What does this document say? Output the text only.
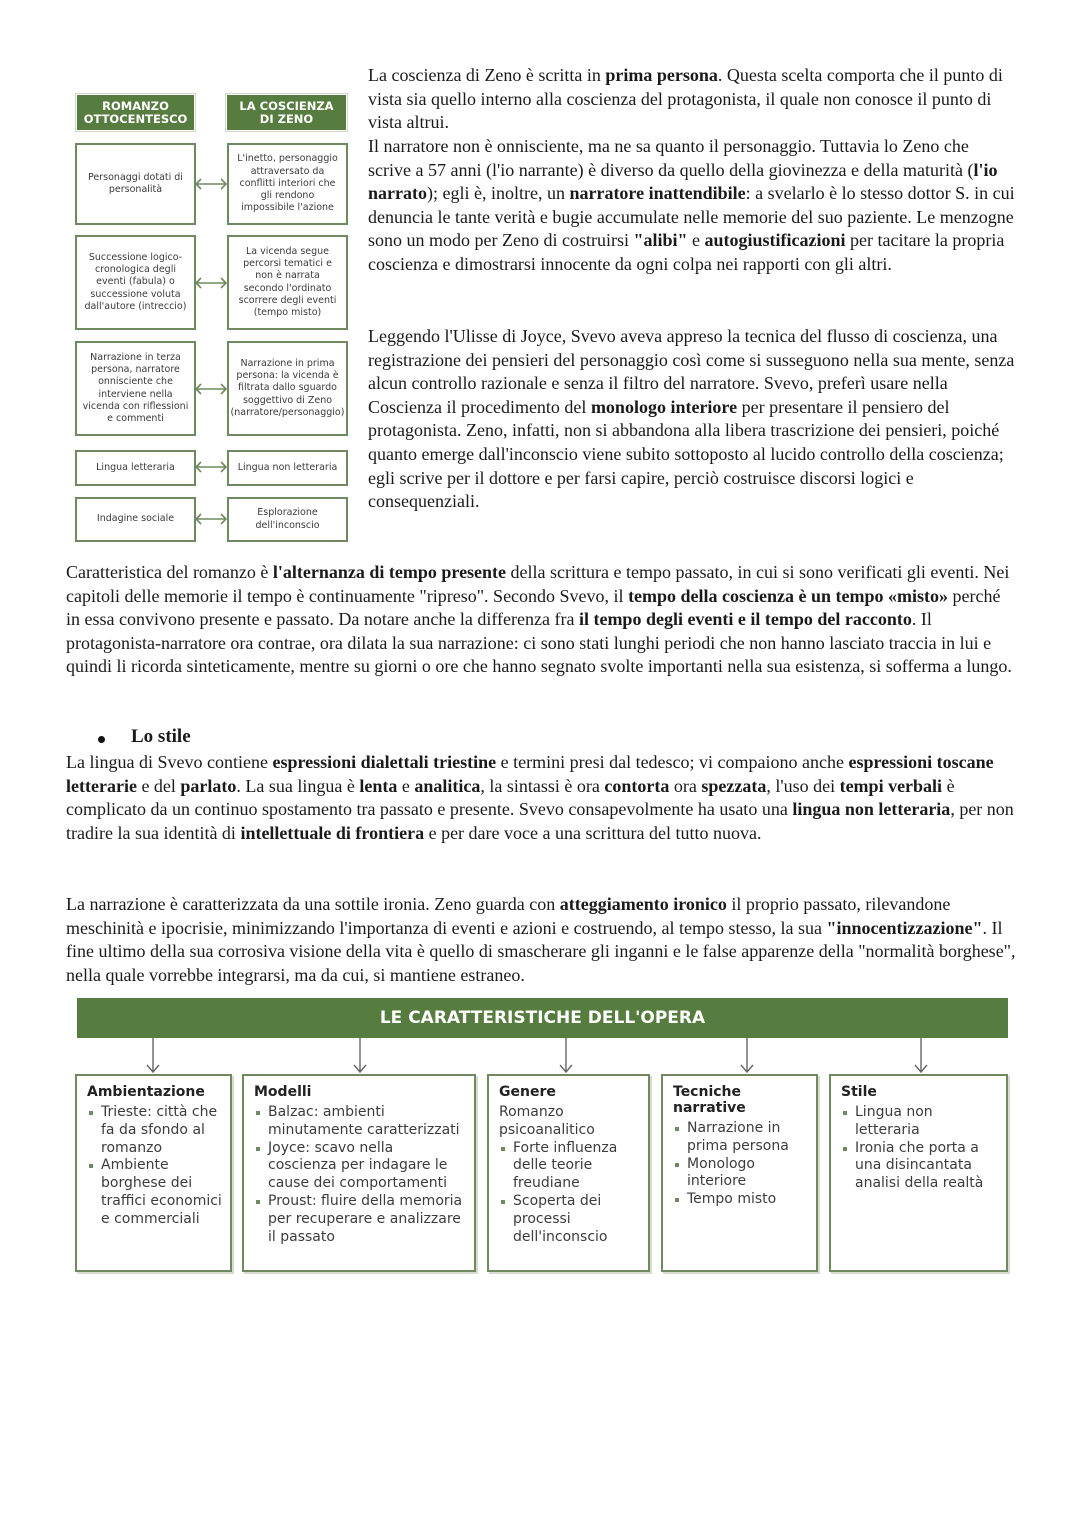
ROMANZO
OTTOCENTESCO
LA COSCIENZA
DI ZENO
Personaggi dotati di personalità
L'inetto, personaggio attraversato da conflitti interiori che gli rendono impossibile l'azione
Successione logico-cronologica degli eventi (fabula) o successione voluta dall'autore (intreccio)
La vicenda segue percorsi tematici e non è narrata secondo l'ordinato scorrere degli eventi (tempo misto)
Narrazione in terza persona, narratore onnisciente che interviene nella vicenda con riflessioni e commenti
Narrazione in prima persona: la vicenda è filtrata dallo sguardo soggettivo di Zeno (narratore/personaggio)
Lingua letteraria	Lingua non letteraria
Indagine sociale
Esplorazione dell'inconscio

La coscienza di Zeno è scritta in prima persona. Questa scelta comporta che il punto di vista sia quello interno alla coscienza del protagonista, il quale non conosce il punto di vista altrui.

Il narratore non è onnisciente, ma ne sa quanto il personaggio. Tuttavia lo Zeno che scrive a 57 anni (l'io narrante) è diverso da quello della giovinezza e della maturità (l'io narrato); egli è, inoltre, un narratore inattendibile: a svelarlo è lo stesso dottor S. in cui denuncia le tante verità e bugie accumulate nelle memorie del suo paziente. Le menzogne sono un modo per Zeno di costruirsi "alibi" e autogiustificazioni per tacitare la propria coscienza e dimostrarsi innocente da ogni colpa nei rapporti con gli altri.

Leggendo l'Ulisse di Joyce, Svevo aveva appreso la tecnica del flusso di coscienza, una registrazione dei pensieri del personaggio così come si susseguono nella sua mente, senza alcun controllo razionale e senza il filtro del narratore. Svevo, preferì usare nella Coscienza il procedimento del monologo interiore per presentare il pensiero del protagonista. Zeno, infatti, non si abbandona alla libera trascrizione dei pensieri, poiché quanto emerge dall'inconscio viene subito sottoposto al lucido controllo della coscienza; egli scrive per il dottore e per farsi capire, perciò costruisce discorsi logici e consequenziali.

Caratteristica del romanzo è l'alternanza di tempo presente della scrittura e tempo passato, in cui si sono verificati gli eventi. Nei capitoli delle memorie il tempo è continuamente "ripreso". Secondo Svevo, il tempo della coscienza è un tempo «misto» perché in essa convivono presente e passato. Da notare anche la differenza fra il tempo degli eventi e il tempo del racconto. Il protagonista-narratore ora contrae, ora dilata la sua narrazione: ci sono stati lunghi periodi che non hanno lasciato traccia in lui e quindi li ricorda sinteticamente, mentre su giorni o ore che hanno segnato svolte importanti nella sua esistenza, si sofferma a lungo.

Lo stile

La lingua di Svevo contiene espressioni dialettali triestine e termini presi dal tedesco; vi compaiono anche espressioni toscane letterarie e del parlato. La sua lingua è lenta e analitica, la sintassi è ora contorta ora spezzata, l'uso dei tempi verbali è complicato da un continuo spostamento tra passato e presente. Svevo consapevolmente ha usato una lingua non letteraria, per non tradire la sua identità di intellettuale di frontiera e per dare voce a una scrittura del tutto nuova.

La narrazione è caratterizzata da una sottile ironia. Zeno guarda con atteggiamento ironico il proprio passato, rilevandone meschinità e ipocrisie, minimizzando l'importanza di eventi e azioni e costruendo, al tempo stesso, la sua "innocentizzazione". Il fine ultimo della sua corrosiva visione della vita è quello di smascherare gli inganni e le false apparenze della "normalità borghese", nella quale vorrebbe integrarsi, ma da cui, si mantiene estraneo.

LE CARATTERISTICHE DELL'OPERA
Ambientazione
Trieste: città che fa da sfondo al romanzo
Ambiente borghese dei traffici economici e commerciali
Modelli
Balzac: ambienti minutamente caratterizzati
Joyce: scavo nella coscienza per indagare le cause dei comportamenti
Proust: fluire della memoria per recuperare e analizzare il passato
Genere
Romanzo psicoanalitico
Forte influenza delle teorie freudiane
Scoperta dei processi dell'inconscio
Tecniche narrative
Narrazione in prima persona
Monologo interiore
Tempo misto
Stile
Lingua non letteraria
Ironia che porta a una disincantata analisi della realtà
